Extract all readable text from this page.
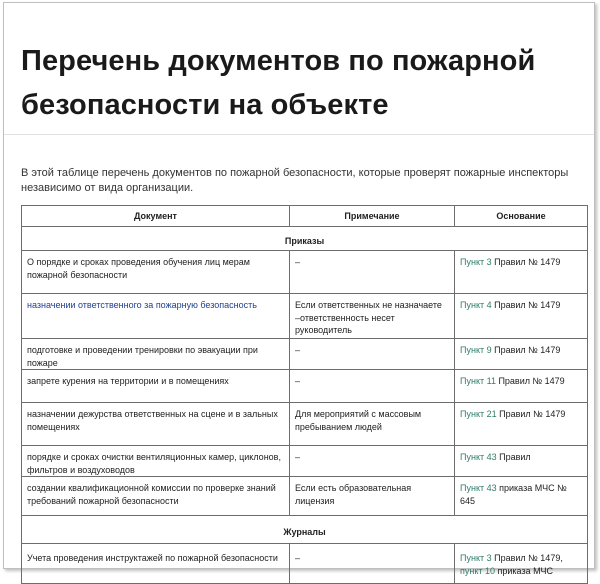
Перечень документов по пожарной
безопасности на объекте

В этой таблице перечень документов по пожарной безопасности, которые проверят пожарные инспекторы независимо от вида организации.

Документ	Примечание	Основание
Приказы		
О порядке и сроках проведения обучения лиц мерам пожарной безопасности	–	Пункт 3 Правил № 1479
назначении ответственного за пожарную безопасность	Если ответственных не назначаете –ответственность несет руководитель	Пункт 4 Правил № 1479
подготовке и проведении тренировки по эвакуации при пожаре	–	Пункт 9 Правил № 1479
запрете курения на территории и в помещениях	–	Пункт 11 Правил № 1479
назначении дежурства ответственных на сцене и в зальных помещениях	Для мероприятий с массовым пребыванием людей	Пункт 21 Правил № 1479
порядке и сроках очистки вентиляционных камер, циклонов, фильтров и воздуховодов	–	Пункт 43 Правил
создании квалификационной комиссии по проверке знаний требований пожарной безопасности	Если есть образовательная лицензия	Пункт 43 приказа МЧС № 645
Журналы		
Учета проведения инструктажей по пожарной безопасности	–	Пункт 3 Правил № 1479, пункт 10 приказа МЧС
